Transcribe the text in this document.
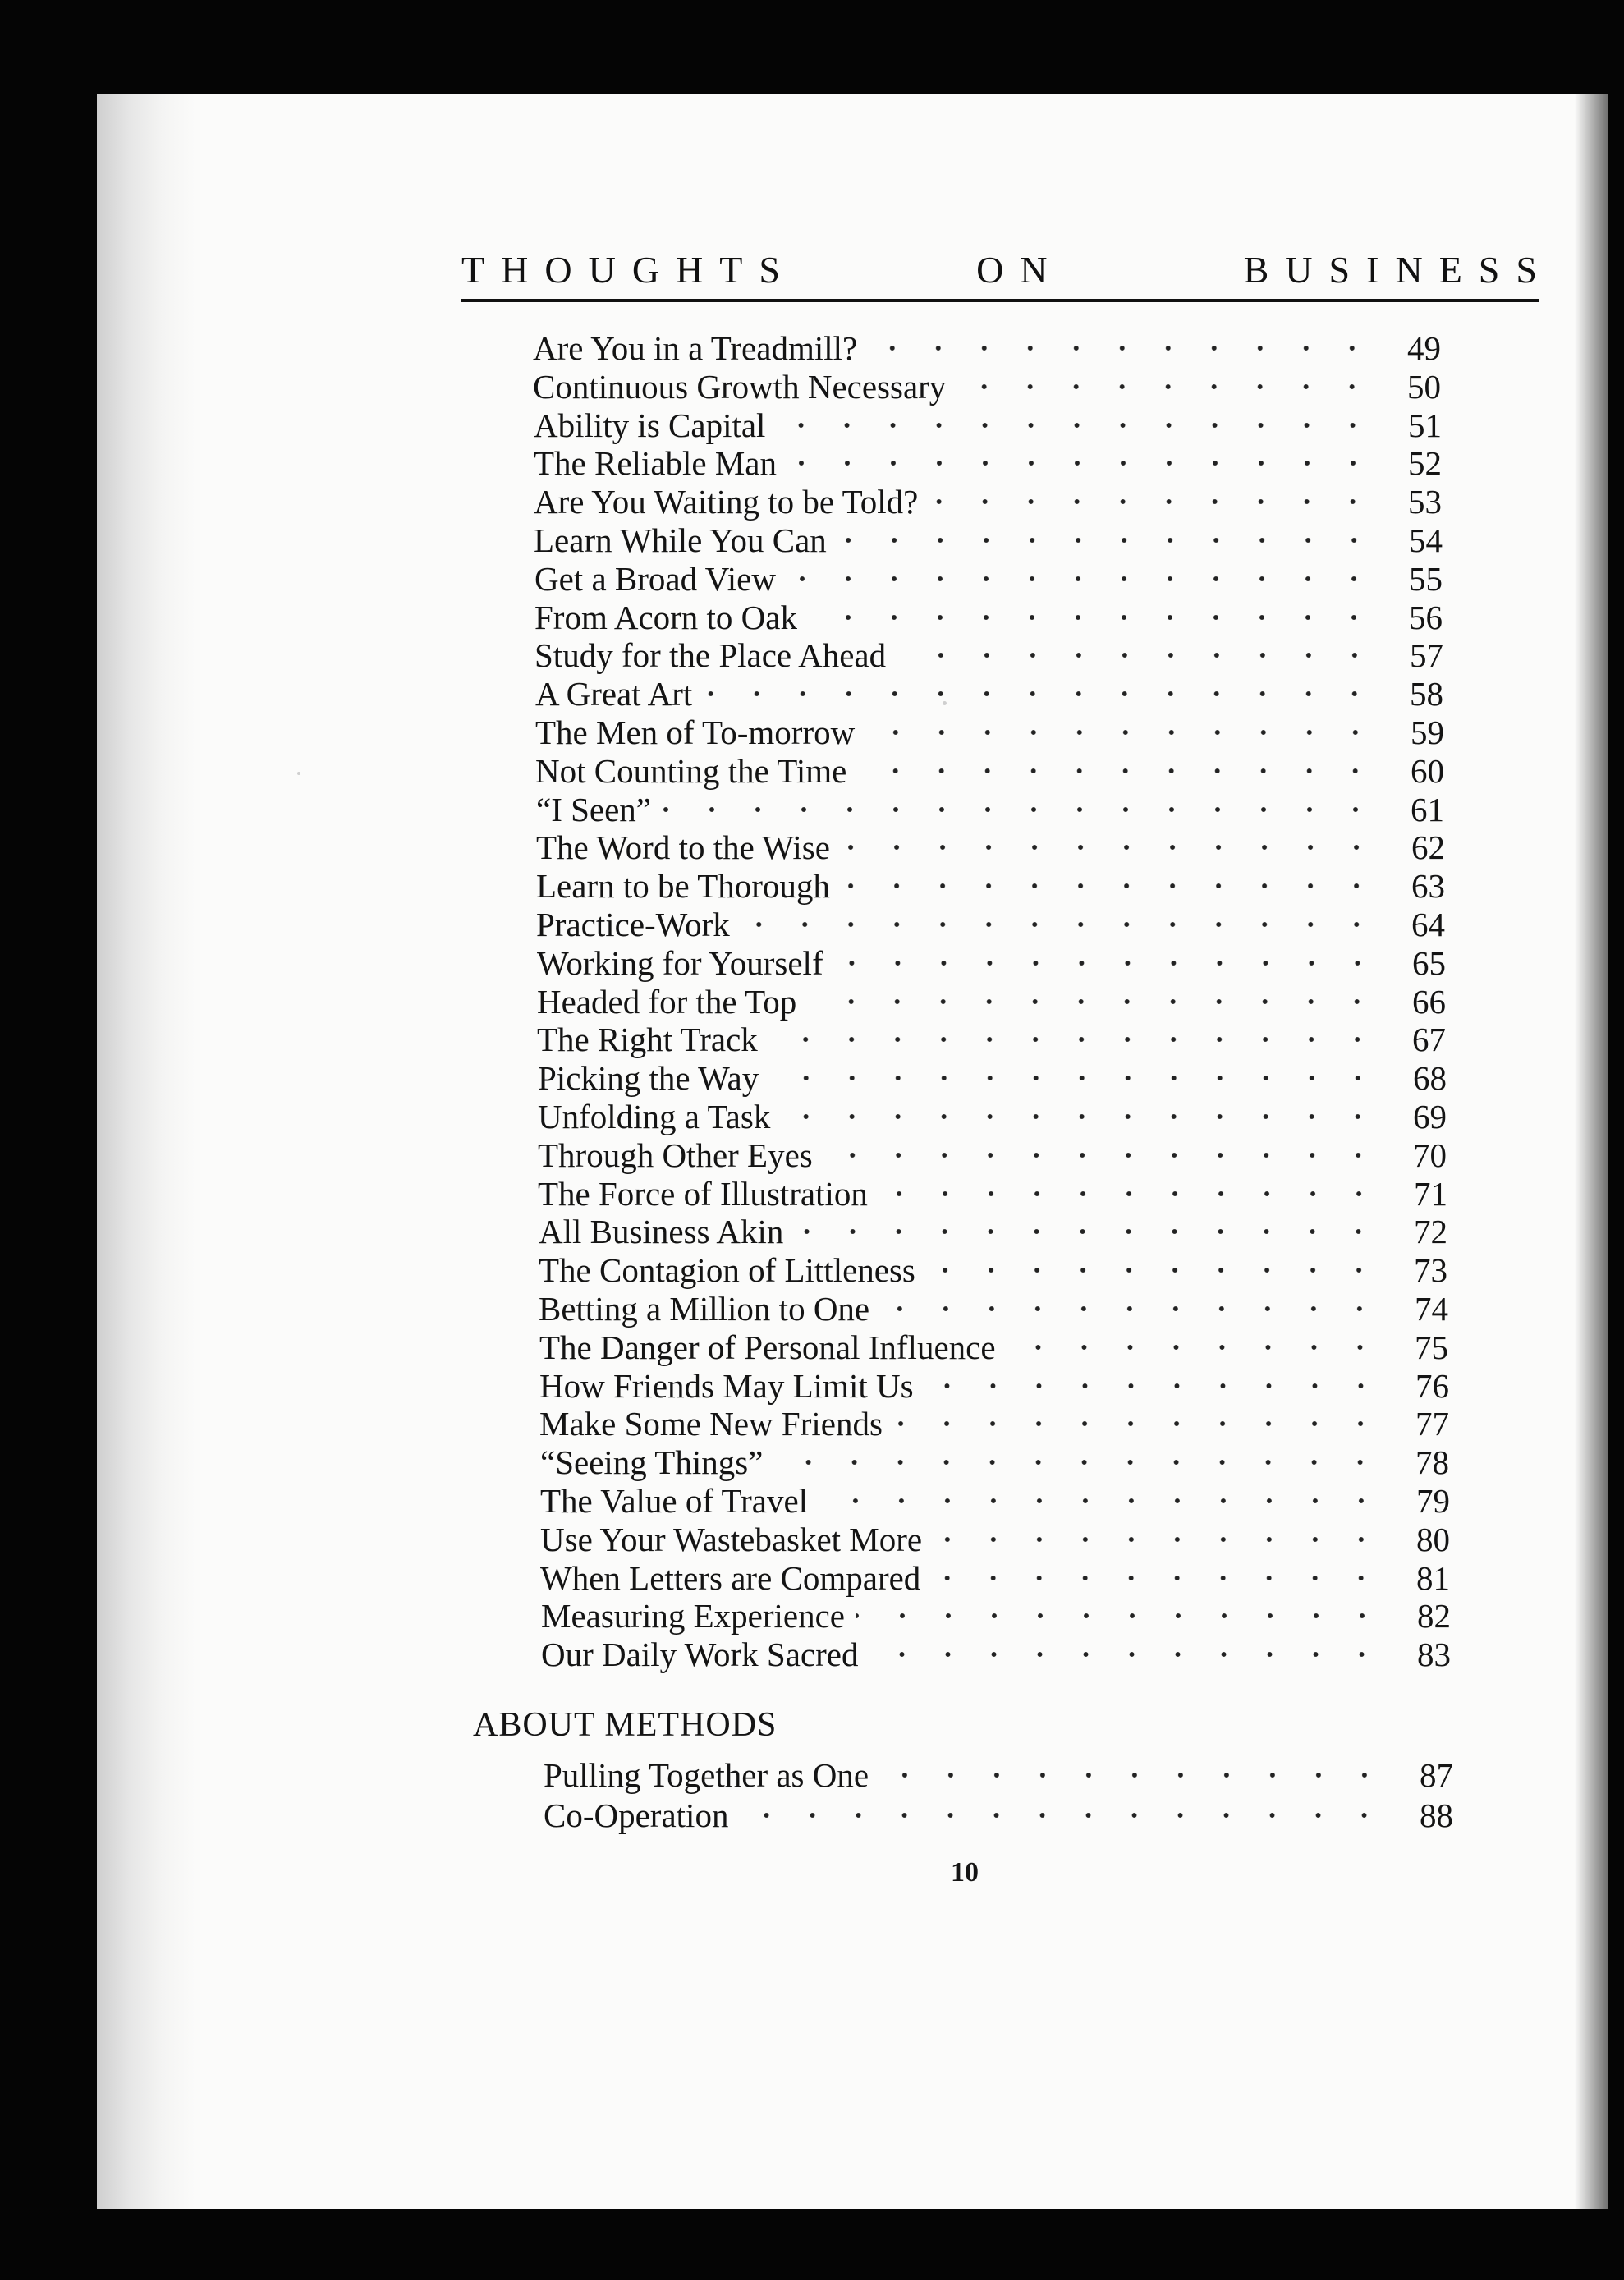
T H O U G H T S	O N	B U S I N E S S
Are You in a Treadmill?	49
Continuous Growth Necessary	50
Ability is Capital	51
The Reliable Man	52
Are You Waiting to be Told?	53
Learn While You Can	54
Get a Broad View	55
From Acorn to Oak	56
Study for the Place Ahead	57
A Great Art	58
The Men of To-morrow	59
Not Counting the Time	60
“I Seen”	61
The Word to the Wise	62
Learn to be Thorough	63
Practice-Work	64
Working for Yourself	65
Headed for the Top	66
The Right Track	67
Picking the Way	68
Unfolding a Task	69
Through Other Eyes	70
The Force of Illustration	71
All Business Akin	72
The Contagion of Littleness	73
Betting a Million to One	74
The Danger of Personal Influence	75
How Friends May Limit Us	76
Make Some New Friends	77
“Seeing Things”	78
The Value of Travel	79
Use Your Wastebasket More	80
When Letters are Compared	81
Measuring Experience	82
Our Daily Work Sacred	83
ABOUT METHODS
Pulling Together as One	87
Co-Operation	88
10
